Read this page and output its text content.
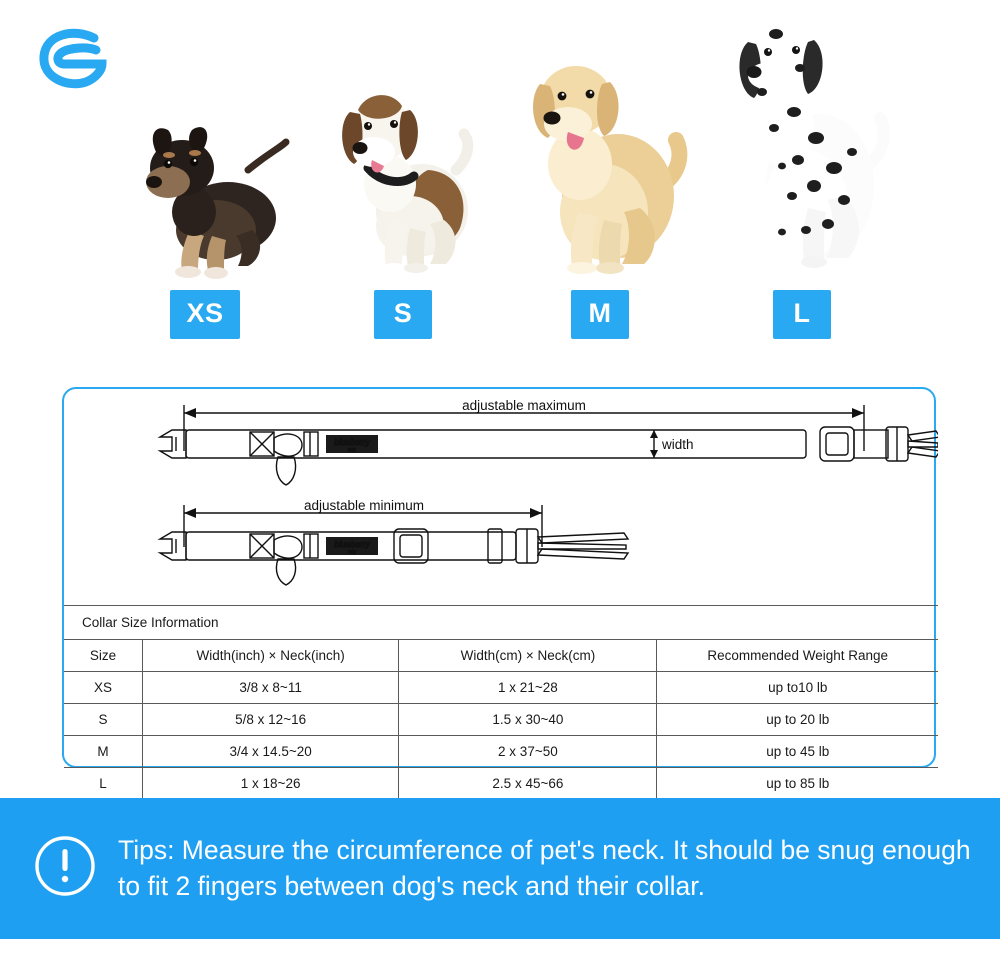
XS	S	M	L
blueberry
PET
blueberry
PET
adjustable maximum
adjustable minimum
width
Collar Size Information			
Size	Width(inch) × Neck(inch)	Width(cm) × Neck(cm)	Recommended Weight Range
XS	3/8 x 8~11	1 x 21~28	up to10 lb
S	5/8 x 12~16	1.5 x 30~40	up to 20 lb
M	3/4 x 14.5~20	2 x 37~50	up to 45 lb
L	1 x 18~26	2.5 x 45~66	up to 85 lb
Tips: Measure the circumference of pet's neck. It should be snug enough to fit 2 fingers between dog's neck and their collar.
